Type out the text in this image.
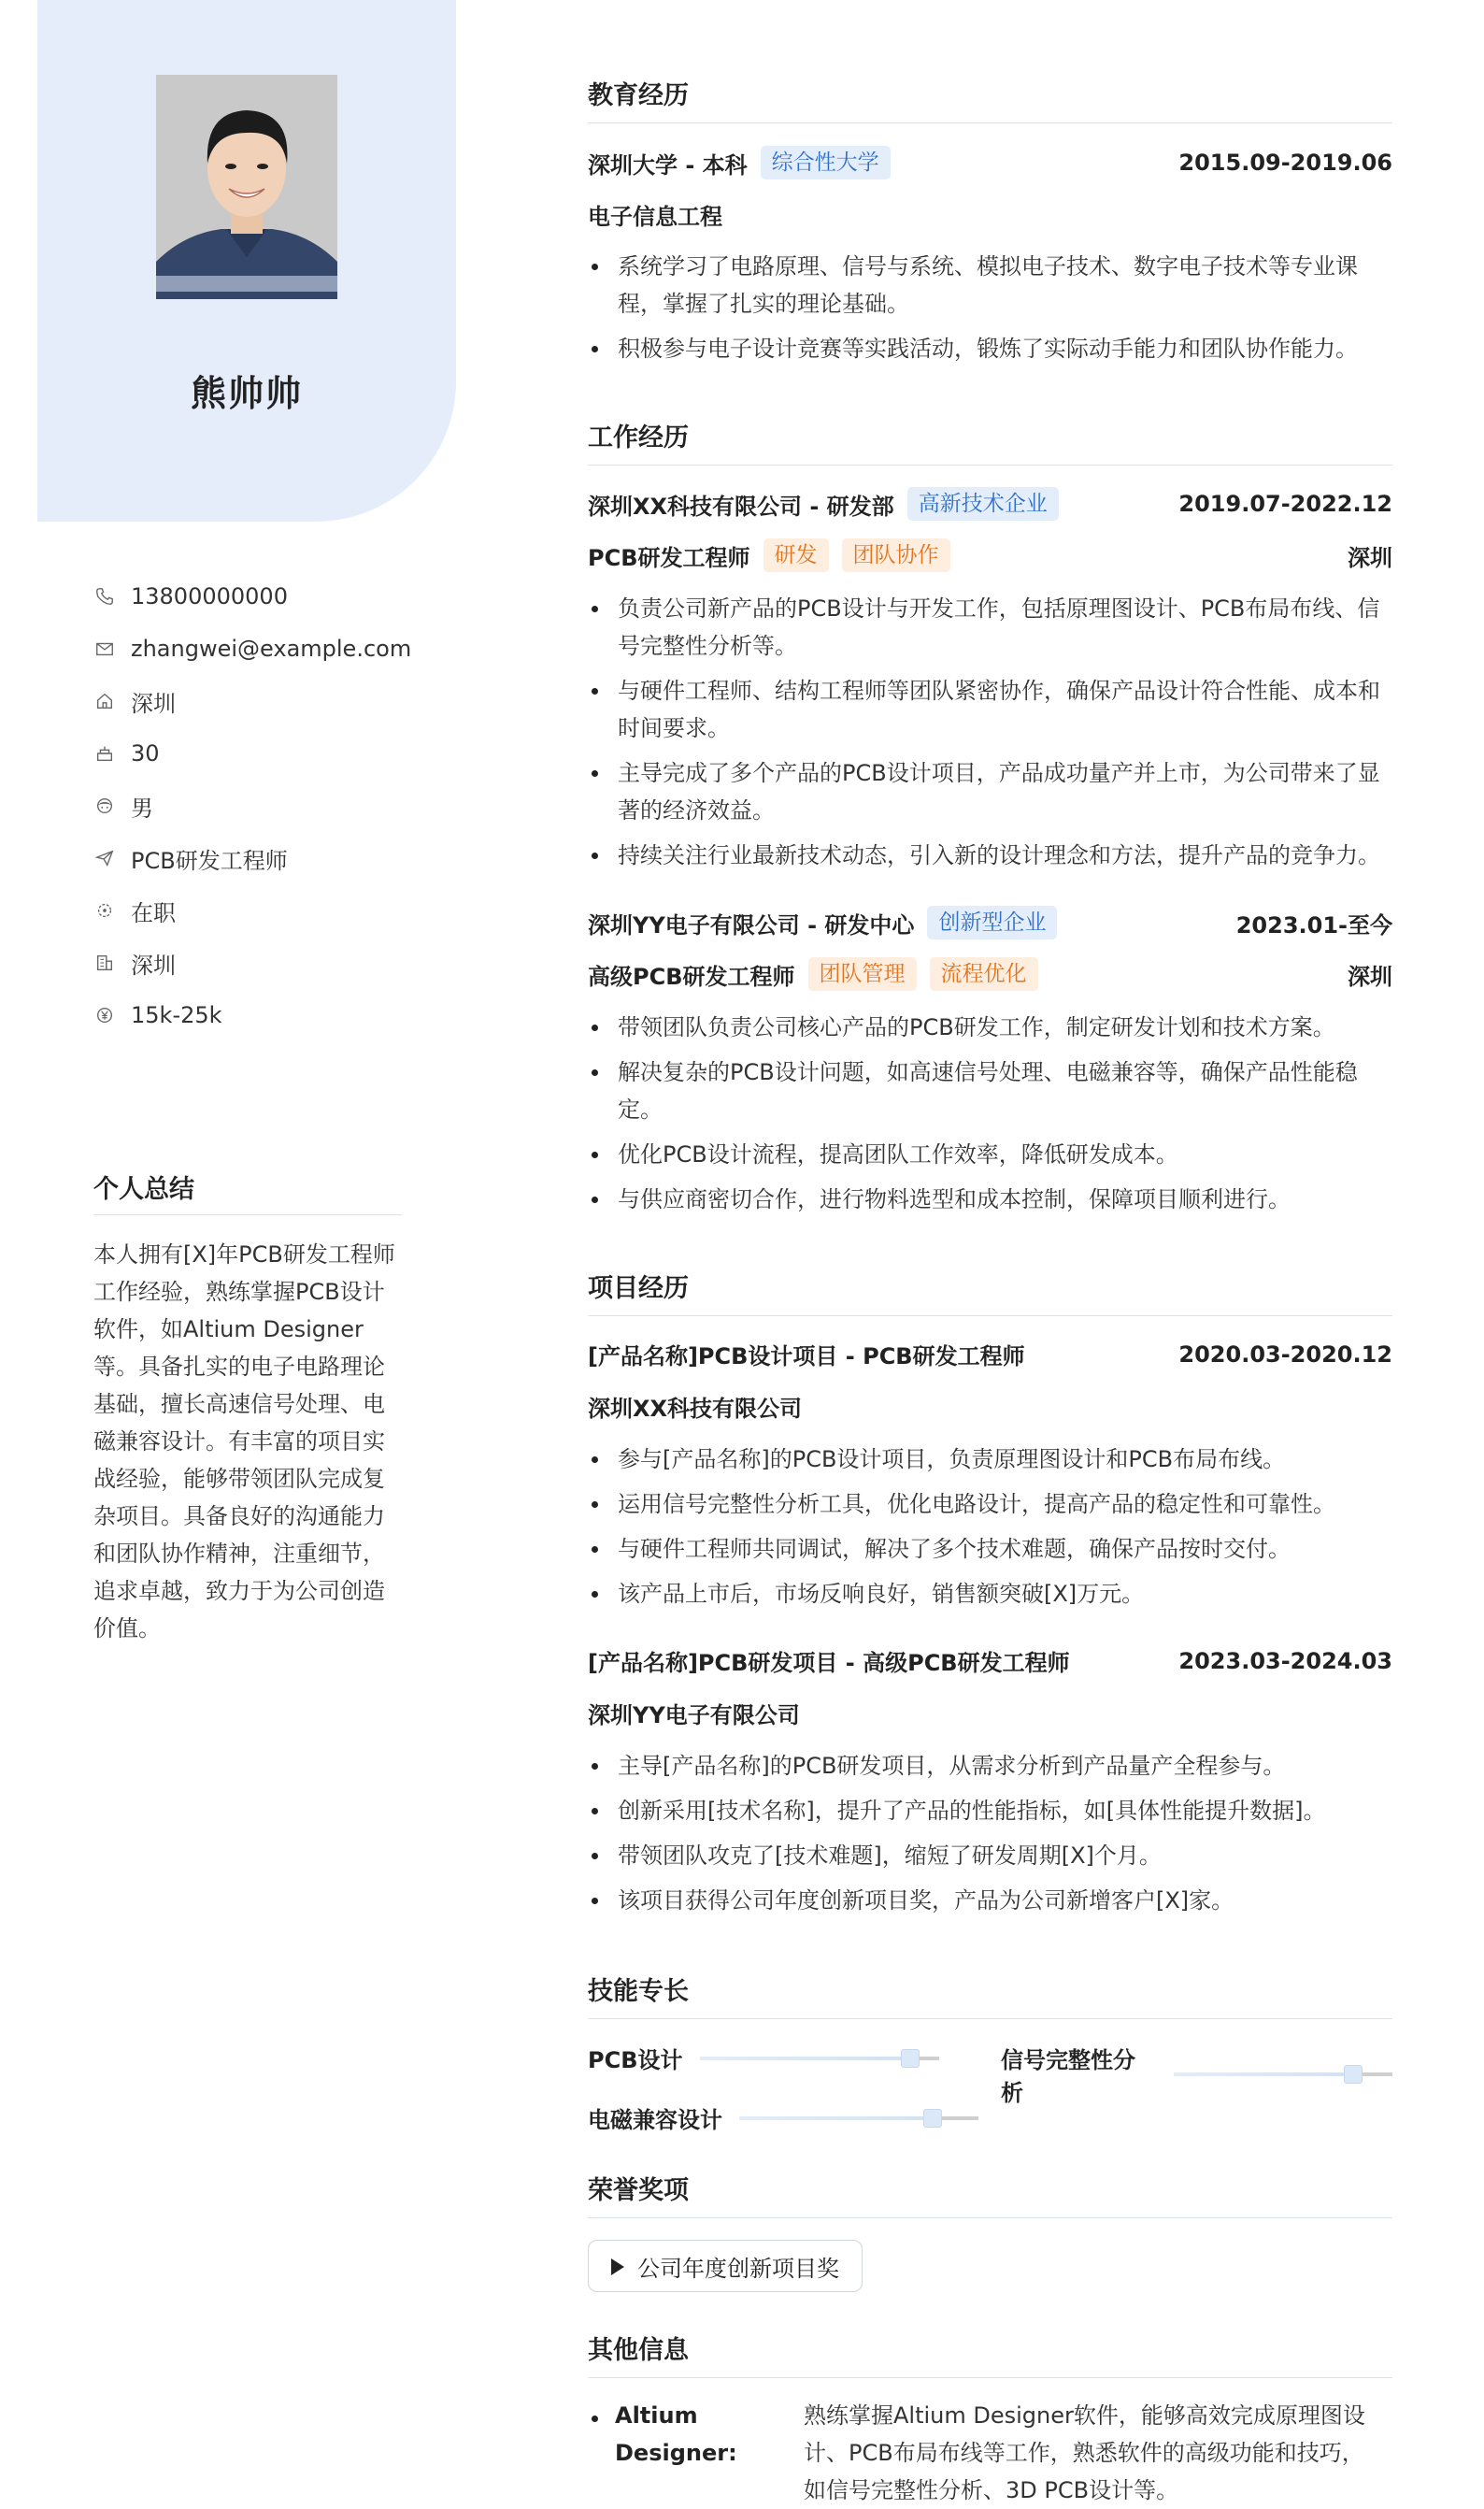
熊帅帅
13800000000
zhangwei@example.com
深圳
30
男
PCB研发工程师
在职
深圳
15k-25k
个人总结
本人拥有[X]年PCB研发工程师工作经验，熟练掌握PCB设计软件，如Altium Designer等。具备扎实的电子电路理论基础，擅长高速信号处理、电磁兼容设计。有丰富的项目实战经验，能够带领团队完成复杂项目。具备良好的沟通能力和团队协作精神，注重细节，追求卓越，致力于为公司创造价值。
教育经历
深圳大学 - 本科	综合性大学	2015.09-2019.06
电子信息工程
系统学习了电路原理、信号与系统、模拟电子技术、数字电子技术等专业课程，掌握了扎实的理论基础。
积极参与电子设计竞赛等实践活动，锻炼了实际动手能力和团队协作能力。
工作经历
深圳XX科技有限公司 - 研发部	高新技术企业	2019.07-2022.12
PCB研发工程师	研发	团队协作	深圳
负责公司新产品的PCB设计与开发工作，包括原理图设计、PCB布局布线、信号完整性分析等。
与硬件工程师、结构工程师等团队紧密协作，确保产品设计符合性能、成本和时间要求。
主导完成了多个产品的PCB设计项目，产品成功量产并上市，为公司带来了显著的经济效益。
持续关注行业最新技术动态，引入新的设计理念和方法，提升产品的竞争力。
深圳YY电子有限公司 - 研发中心	创新型企业	2023.01-至今
高级PCB研发工程师	团队管理	流程优化	深圳
带领团队负责公司核心产品的PCB研发工作，制定研发计划和技术方案。
解决复杂的PCB设计问题，如高速信号处理、电磁兼容等，确保产品性能稳定。
优化PCB设计流程，提高团队工作效率，降低研发成本。
与供应商密切合作，进行物料选型和成本控制，保障项目顺利进行。
项目经历
[产品名称]PCB设计项目 - PCB研发工程师	2020.03-2020.12
深圳XX科技有限公司
参与[产品名称]的PCB设计项目，负责原理图设计和PCB布局布线。
运用信号完整性分析工具，优化电路设计，提高产品的稳定性和可靠性。
与硬件工程师共同调试，解决了多个技术难题，确保产品按时交付。
该产品上市后，市场反响良好，销售额突破[X]万元。
[产品名称]PCB研发项目 - 高级PCB研发工程师	2023.03-2024.03
深圳YY电子有限公司
主导[产品名称]的PCB研发项目，从需求分析到产品量产全程参与。
创新采用[技术名称]，提升了产品的性能指标，如[具体性能提升数据]。
带领团队攻克了[技术难题]，缩短了研发周期[X]个月。
该项目获得公司年度创新项目奖，产品为公司新增客户[X]家。
技能专长
PCB设计	信号完整性分析
电磁兼容设计
荣誉奖项
公司年度创新项目奖
其他信息
Altium Designer:
熟练掌握Altium Designer软件，能够高效完成原理图设计、PCB布局布线等工作，熟悉软件的高级功能和技巧，如信号完整性分析、3D PCB设计等。
